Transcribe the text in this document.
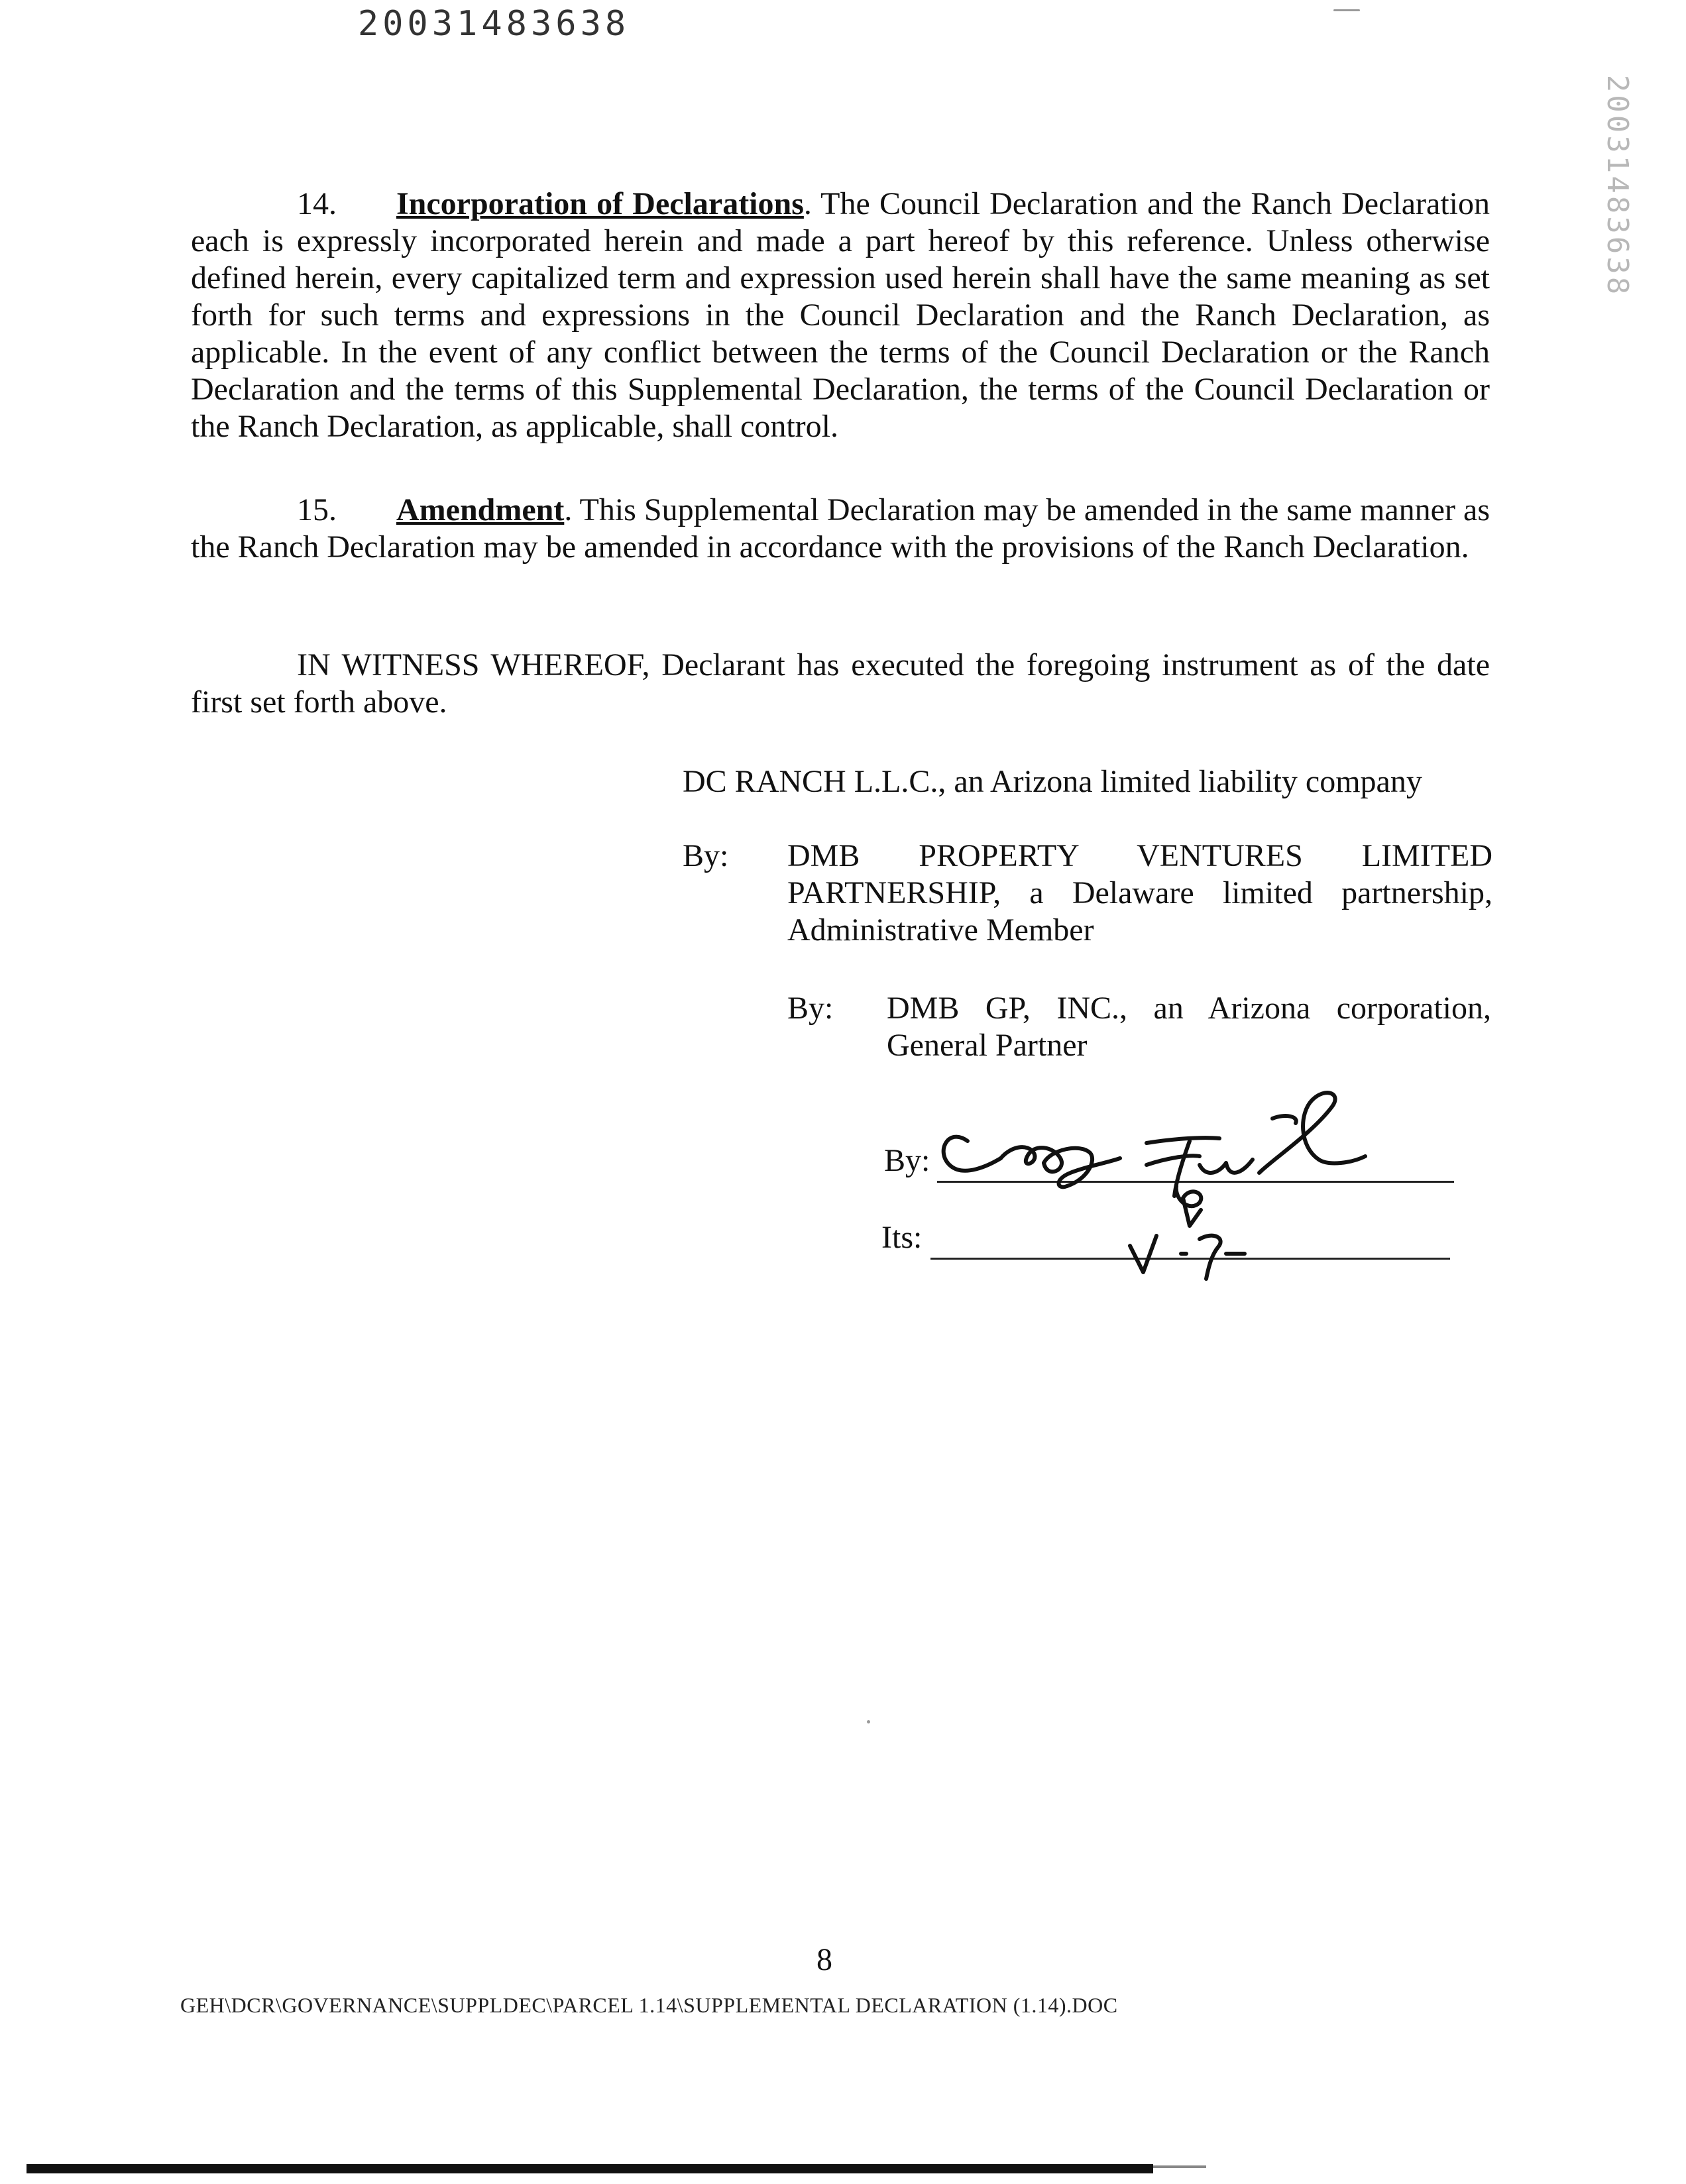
20031483638
20031483638
14. Incorporation of Declarations. The Council Declaration and the Ranch Declaration each is expressly incorporated herein and made a part hereof by this reference. Unless otherwise defined herein, every capitalized term and expression used herein shall have the same meaning as set forth for such terms and expressions in the Council Declaration and the Ranch Declaration, as applicable. In the event of any conflict between the terms of the Council Declaration or the Ranch Declaration and the terms of this Supplemental Declaration, the terms of the Council Declaration or the Ranch Declaration, as applicable, shall control.
15. Amendment. This Supplemental Declaration may be amended in the same manner as the Ranch Declaration may be amended in accordance with the provisions of the Ranch Declaration.
IN WITNESS WHEREOF, Declarant has executed the foregoing instrument as of the date first set forth above.
DC RANCH L.L.C., an Arizona limited liability company
By:	DMB PROPERTY VENTURES LIMITED PARTNERSHIP, a Delaware limited partnership, Administrative Member
By:	DMB GP, INC., an Arizona corporation, General Partner
By:
Its:
8
GEH\DCR\GOVERNANCE\SUPPLDEC\PARCEL 1.14\SUPPLEMENTAL DECLARATION (1.14).DOC
